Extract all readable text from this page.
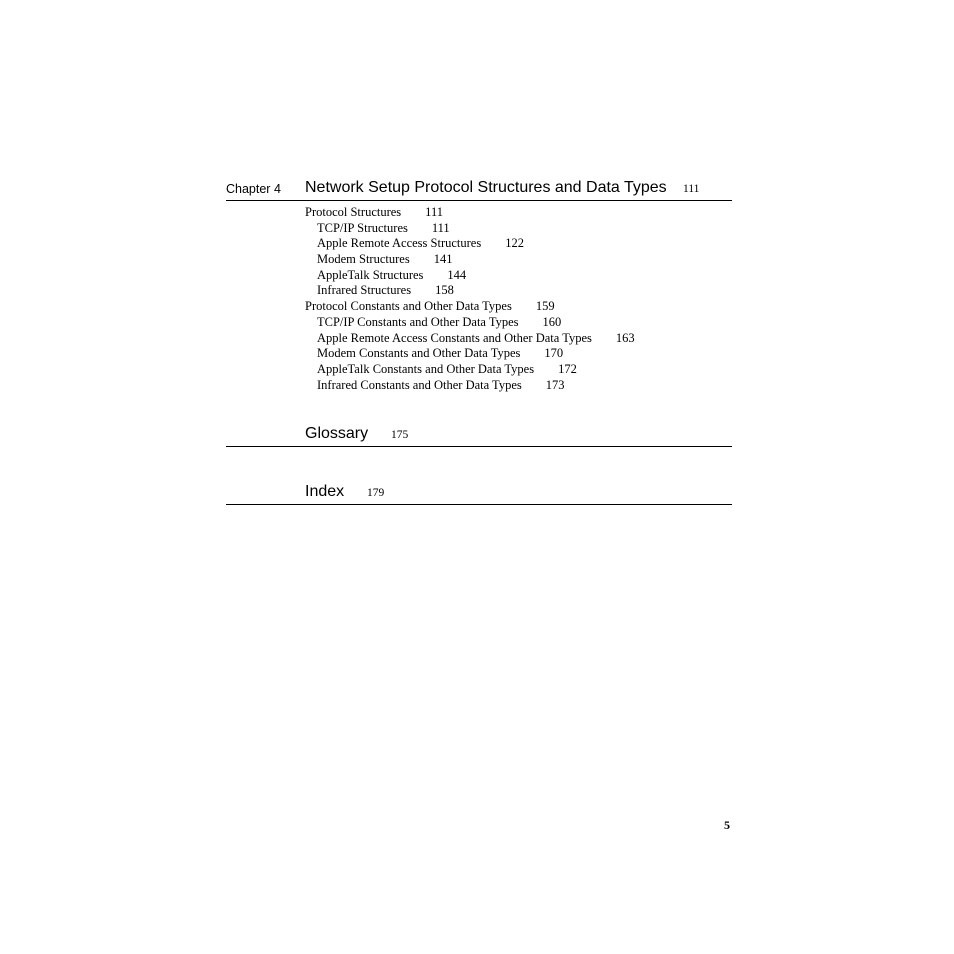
Chapter 4 Network Setup Protocol Structures and Data Types 111
Protocol Structures 111
TCP/IP Structures 111
Apple Remote Access Structures 122
Modem Structures 141
AppleTalk Structures 144
Infrared Structures 158
Protocol Constants and Other Data Types 159
TCP/IP Constants and Other Data Types 160
Apple Remote Access Constants and Other Data Types 163
Modem Constants and Other Data Types 170
AppleTalk Constants and Other Data Types 172
Infrared Constants and Other Data Types 173
Glossary 175
Index 179
5
